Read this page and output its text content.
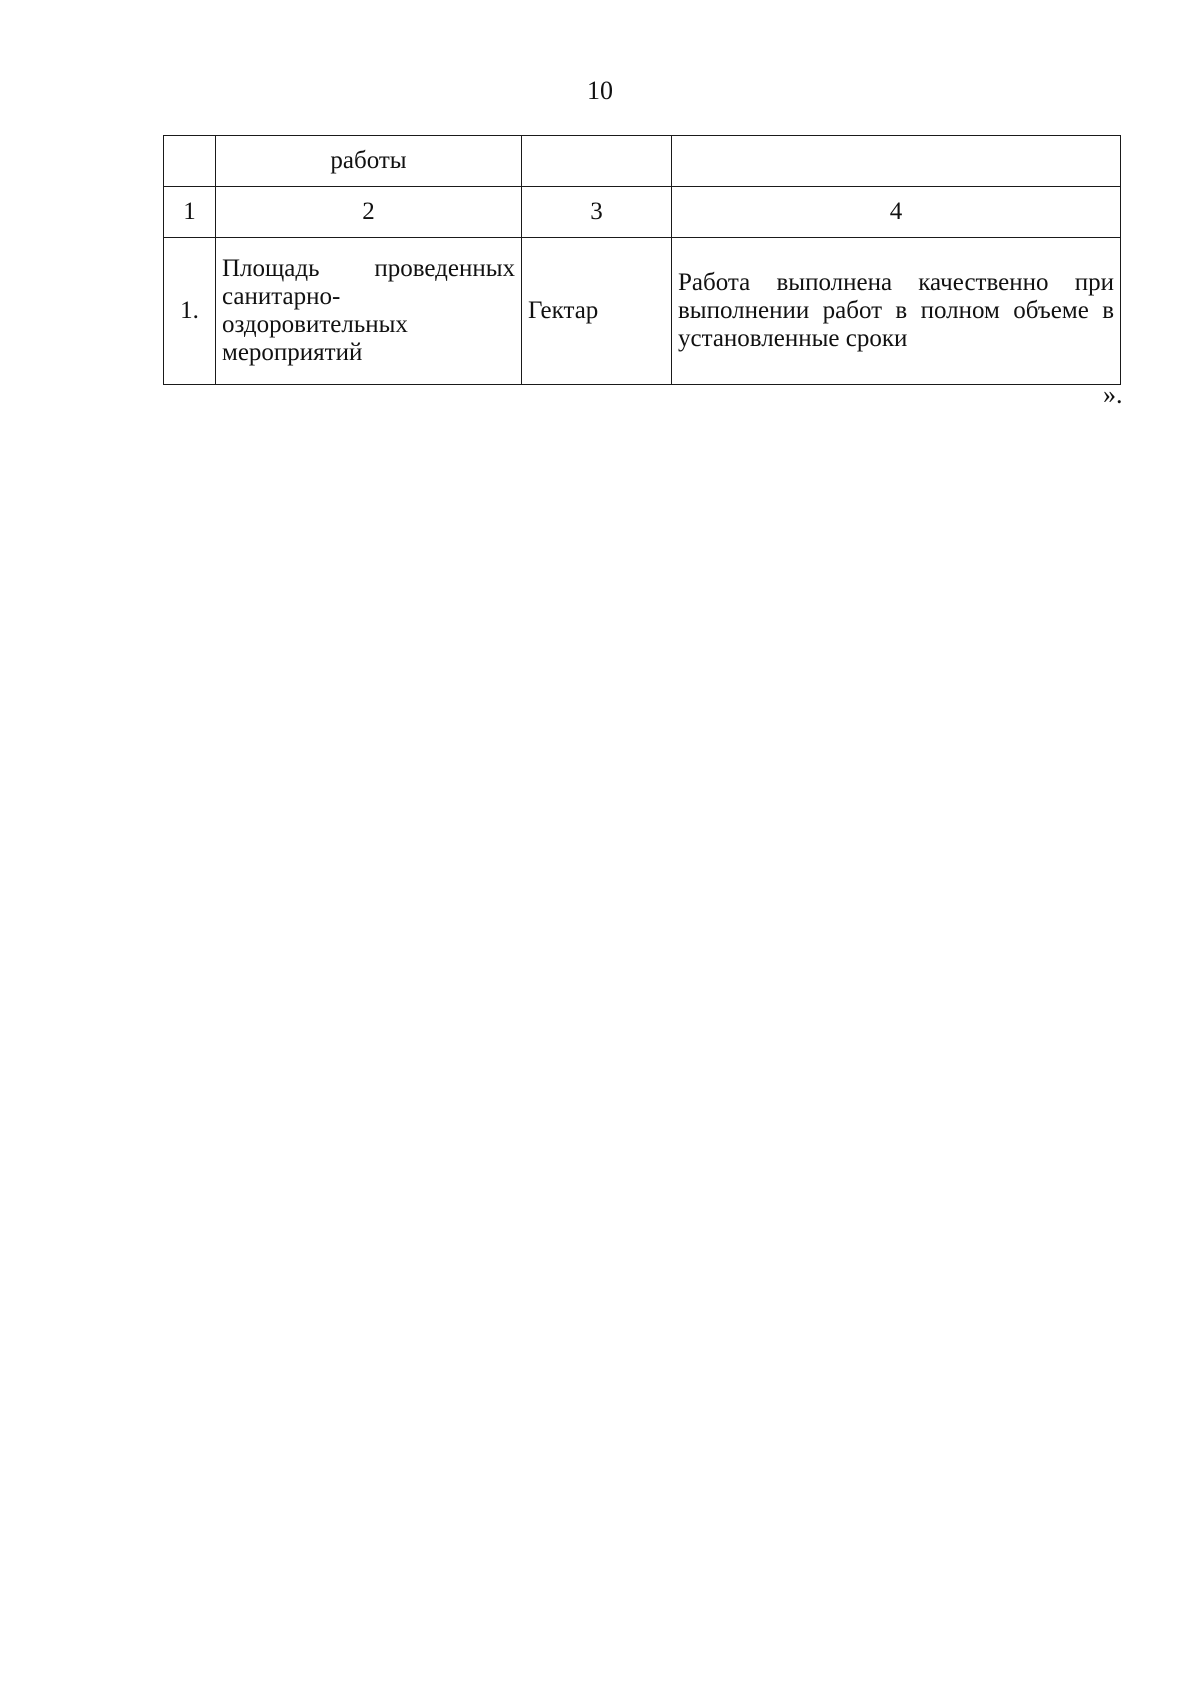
10
	работы		
1	2	3	4
1.	Площадь проведенных санитарно-оздоровительных мероприятий	Гектар	Работа выполнена качественно при выполнении работ в полном объеме в установленные сроки
».
